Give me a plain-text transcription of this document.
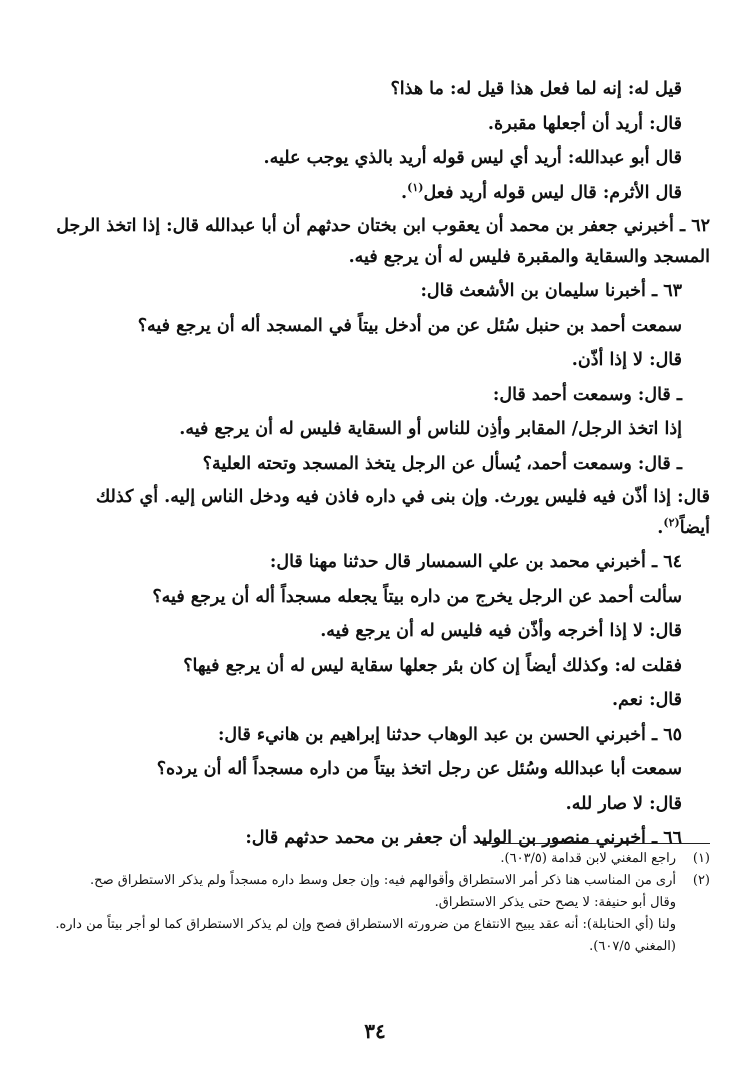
قيل له: إنه لما فعل هذا قيل له: ما هذا؟
قال: أريد أن أجعلها مقبرة.
قال أبو عبدالله: أريد أي ليس قوله أريد بالذي يوجب عليه.
قال الأثرم: قال ليس قوله أريد فعل$^{(١)}$.
٦٢ ـ أخبرني جعفر بن محمد أن يعقوب ابن بختان حدثهم أن أبا عبدالله قال: إذا اتخذ الرجل المسجد والسقاية والمقبرة فليس له أن يرجع فيه.
٦٣ ـ أخبرنا سليمان بن الأشعث قال:
سمعت أحمد بن حنبل سُئل عن من أدخل بيتاً في المسجد أله أن يرجع فيه؟
قال: لا إذا أذّن.
ـ قال: وسمعت أحمد قال:
إذا اتخذ الرجل/ المقابر وأذِن للناس أو السقاية فليس له أن يرجع فيه.
ـ قال: وسمعت أحمد، يُسأل عن الرجل يتخذ المسجد وتحته العلية؟
قال: إذا أذّن فيه فليس يورث. وإن بنى في داره فاذن فيه ودخل الناس إليه. أي كذلك أيضاً$^{(٢)}$.
٦٤ ـ أخبرني محمد بن علي السمسار قال حدثنا مهنا قال:
سألت أحمد عن الرجل يخرج من داره بيتاً يجعله مسجداً أله أن يرجع فيه؟
قال: لا إذا أخرجه وأذّن فيه فليس له أن يرجع فيه.
فقلت له: وكذلك أيضاً إن كان بئر جعلها سقاية ليس له أن يرجع فيها؟
قال: نعم.
٦٥ ـ أخبرني الحسن بن عبد الوهاب حدثنا إبراهيم بن هانيء قال:
سمعت أبا عبدالله وسُئل عن رجل اتخذ بيتاً من داره مسجداً أله أن يرده؟
قال: لا صار لله.
٦٦ ـ أخبرني منصور بن الوليد أن جعفر بن محمد حدثهم قال:
(١)
راجع المغني لابن قدامة (٦٠٣/٥).
(٢)
أرى من المناسب هنا ذكر أمر الاستطراق وأقوالهم فيه: وإن جعل وسط داره مسجداً ولم يذكر الاستطراق صح.
وقال أبو حنيفة: لا يصح حتى يذكر الاستطراق.
ولنا (أي الحنابلة): أنه عقد يبيح الانتفاع من ضرورته الاستطراق فصح وإن لم يذكر الاستطراق كما لو أجر بيتاً من داره. (المغني ٦٠٧/٥).
٣٤
